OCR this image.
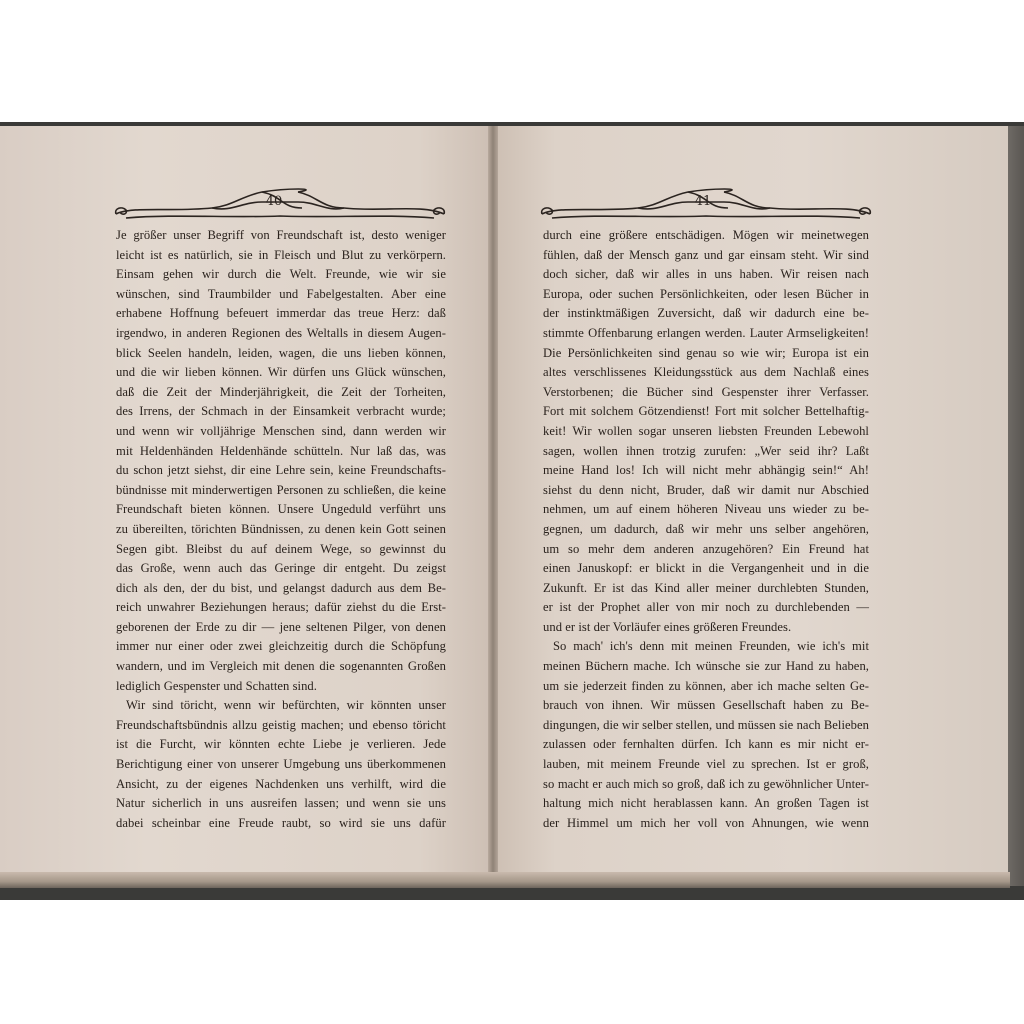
40	41
Je größer unser Begriff von Freundschaft ist, desto weniger
leicht ist es natürlich, sie in Fleisch und Blut zu verkörpern.
Einsam gehen wir durch die Welt. Freunde, wie wir sie
wünschen, sind Traumbilder und Fabelgestalten. Aber eine
erhabene Hoffnung befeuert immerdar das treue Herz: daß
irgendwo, in anderen Regionen des Weltalls in diesem Augen-
blick Seelen handeln, leiden, wagen, die uns lieben können,
und die wir lieben können. Wir dürfen uns Glück wünschen,
daß die Zeit der Minderjährigkeit, die Zeit der Torheiten,
des Irrens, der Schmach in der Einsamkeit verbracht wurde;
und wenn wir volljährige Menschen sind, dann werden wir
mit Heldenhänden Heldenhände schütteln. Nur laß das, was
du schon jetzt siehst, dir eine Lehre sein, keine Freundschafts-
bündnisse mit minderwertigen Personen zu schließen, die keine
Freundschaft bieten können. Unsere Ungeduld verführt uns
zu übereilten, törichten Bündnissen, zu denen kein Gott seinen
Segen gibt. Bleibst du auf deinem Wege, so gewinnst du
das Große, wenn auch das Geringe dir entgeht. Du zeigst
dich als den, der du bist, und gelangst dadurch aus dem Be-
reich unwahrer Beziehungen heraus; dafür ziehst du die Erst-
geborenen der Erde zu dir — jene seltenen Pilger, von denen
immer nur einer oder zwei gleichzeitig durch die Schöpfung
wandern, und im Vergleich mit denen die sogenannten Großen
lediglich Gespenster und Schatten sind.
Wir sind töricht, wenn wir befürchten, wir könnten unser
Freundschaftsbündnis allzu geistig machen; und ebenso töricht
ist die Furcht, wir könnten echte Liebe je verlieren. Jede
Berichtigung einer von unserer Umgebung uns überkommenen
Ansicht, zu der eigenes Nachdenken uns verhilft, wird die
Natur sicherlich in uns ausreifen lassen; und wenn sie uns
dabei scheinbar eine Freude raubt, so wird sie uns dafür
durch eine größere entschädigen. Mögen wir meinetwegen
fühlen, daß der Mensch ganz und gar einsam steht. Wir sind
doch sicher, daß wir alles in uns haben. Wir reisen nach
Europa, oder suchen Persönlichkeiten, oder lesen Bücher in
der instinktmäßigen Zuversicht, daß wir dadurch eine be-
stimmte Offenbarung erlangen werden. Lauter Armseligkeiten!
Die Persönlichkeiten sind genau so wie wir; Europa ist ein
altes verschlissenes Kleidungsstück aus dem Nachlaß eines
Verstorbenen; die Bücher sind Gespenster ihrer Verfasser.
Fort mit solchem Götzendienst! Fort mit solcher Bettelhaftig-
keit! Wir wollen sogar unseren liebsten Freunden Lebewohl
sagen, wollen ihnen trotzig zurufen: „Wer seid ihr? Laßt
meine Hand los! Ich will nicht mehr abhängig sein!“ Ah!
siehst du denn nicht, Bruder, daß wir damit nur Abschied
nehmen, um auf einem höheren Niveau uns wieder zu be-
gegnen, um dadurch, daß wir mehr uns selber angehören,
um so mehr dem anderen anzugehören? Ein Freund hat
einen Januskopf: er blickt in die Vergangenheit und in die
Zukunft. Er ist das Kind aller meiner durchlebten Stunden,
er ist der Prophet aller von mir noch zu durchlebenden —
und er ist der Vorläufer eines größeren Freundes.
So mach' ich's denn mit meinen Freunden, wie ich's mit
meinen Büchern mache. Ich wünsche sie zur Hand zu haben,
um sie jederzeit finden zu können, aber ich mache selten Ge-
brauch von ihnen. Wir müssen Gesellschaft haben zu Be-
dingungen, die wir selber stellen, und müssen sie nach Belieben
zulassen oder fernhalten dürfen. Ich kann es mir nicht er-
lauben, mit meinem Freunde viel zu sprechen. Ist er groß,
so macht er auch mich so groß, daß ich zu gewöhnlicher Unter-
haltung mich nicht herablassen kann. An großen Tagen ist
der Himmel um mich her voll von Ahnungen, wie wenn
